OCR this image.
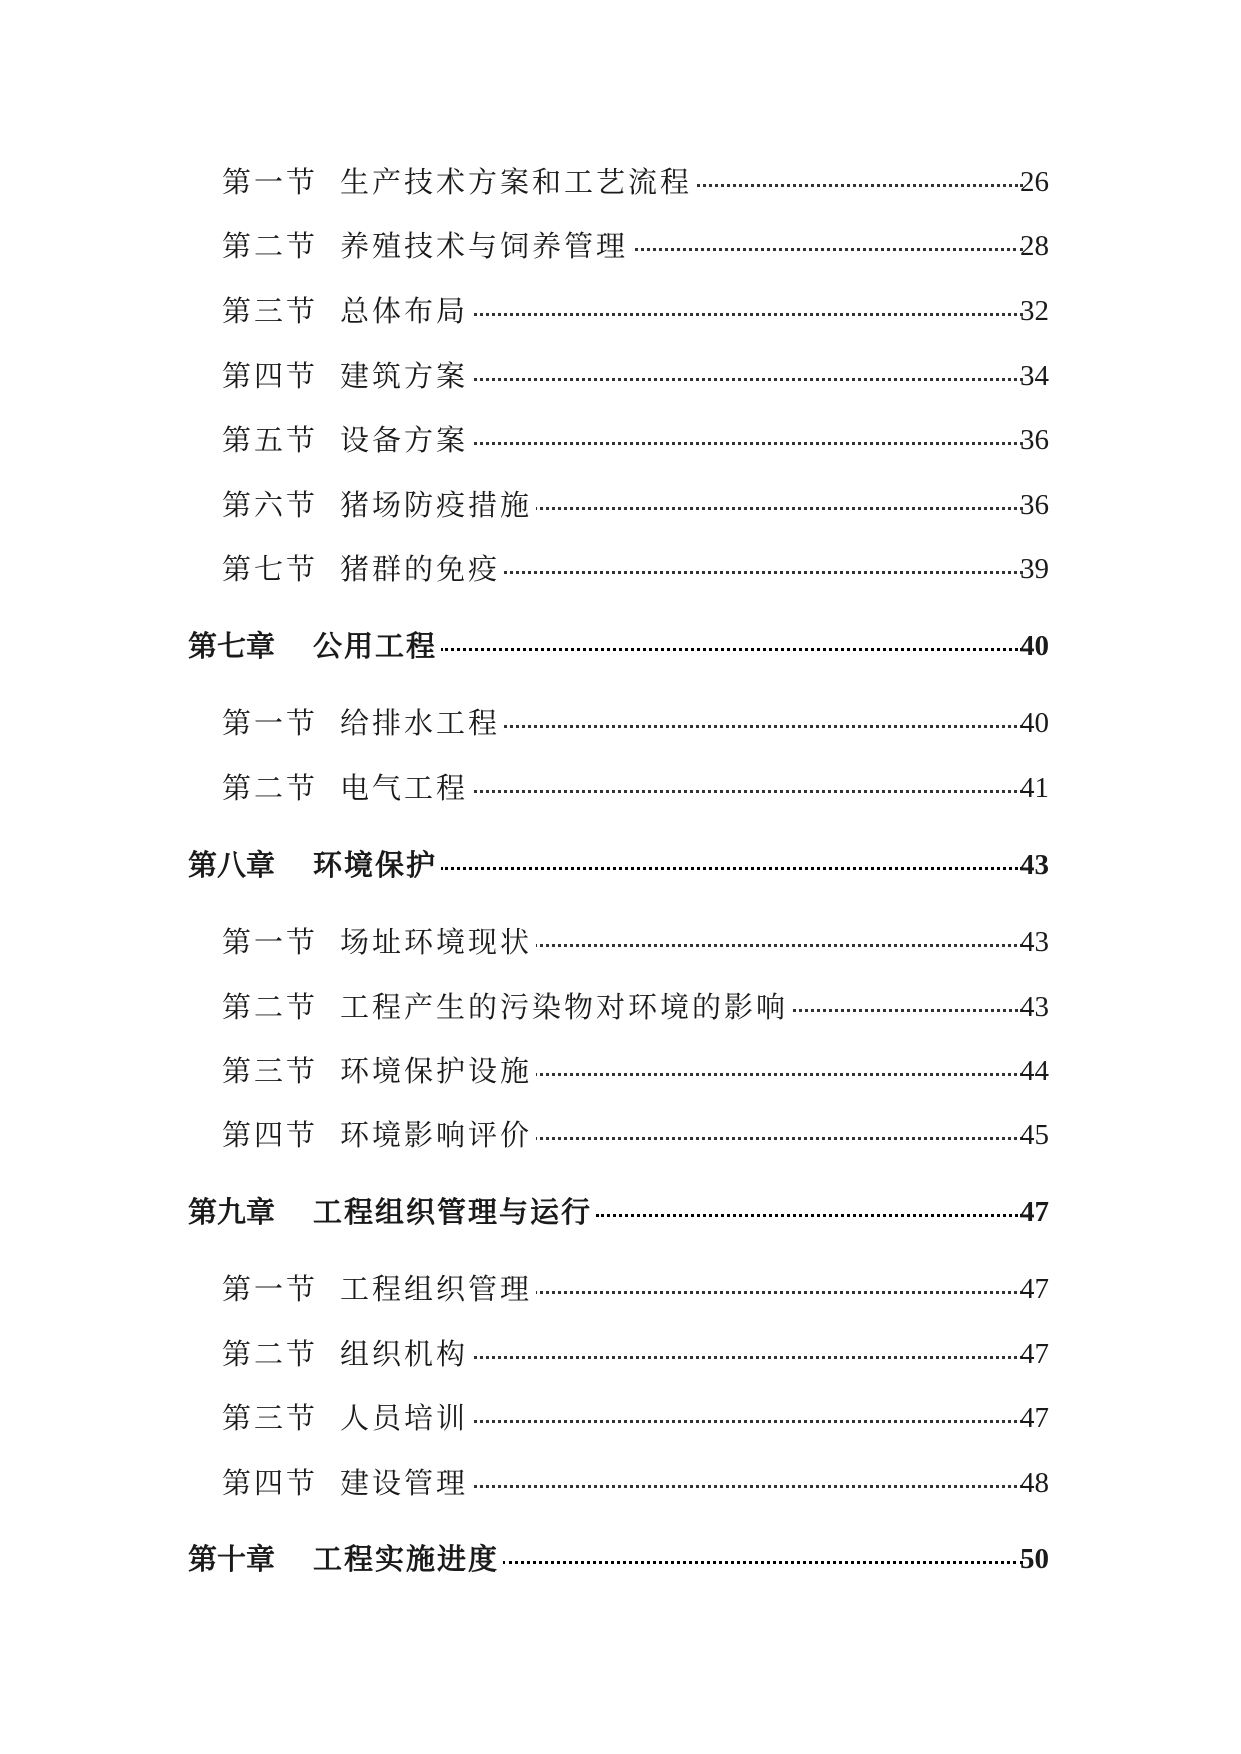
第一节 生产技术方案和工艺流程	26
第二节 养殖技术与饲养管理	28
第三节 总体布局	32
第四节 建筑方案	34
第五节 设备方案	36
第六节 猪场防疫措施	36
第七节 猪群的免疫	39
第七章 公用工程	40
第一节 给排水工程	40
第二节 电气工程	41
第八章 环境保护	43
第一节 场址环境现状	43
第二节 工程产生的污染物对环境的影响	43
第三节 环境保护设施	44
第四节 环境影响评价	45
第九章 工程组织管理与运行	47
第一节 工程组织管理	47
第二节 组织机构	47
第三节 人员培训	47
第四节 建设管理	48
第十章 工程实施进度	50
